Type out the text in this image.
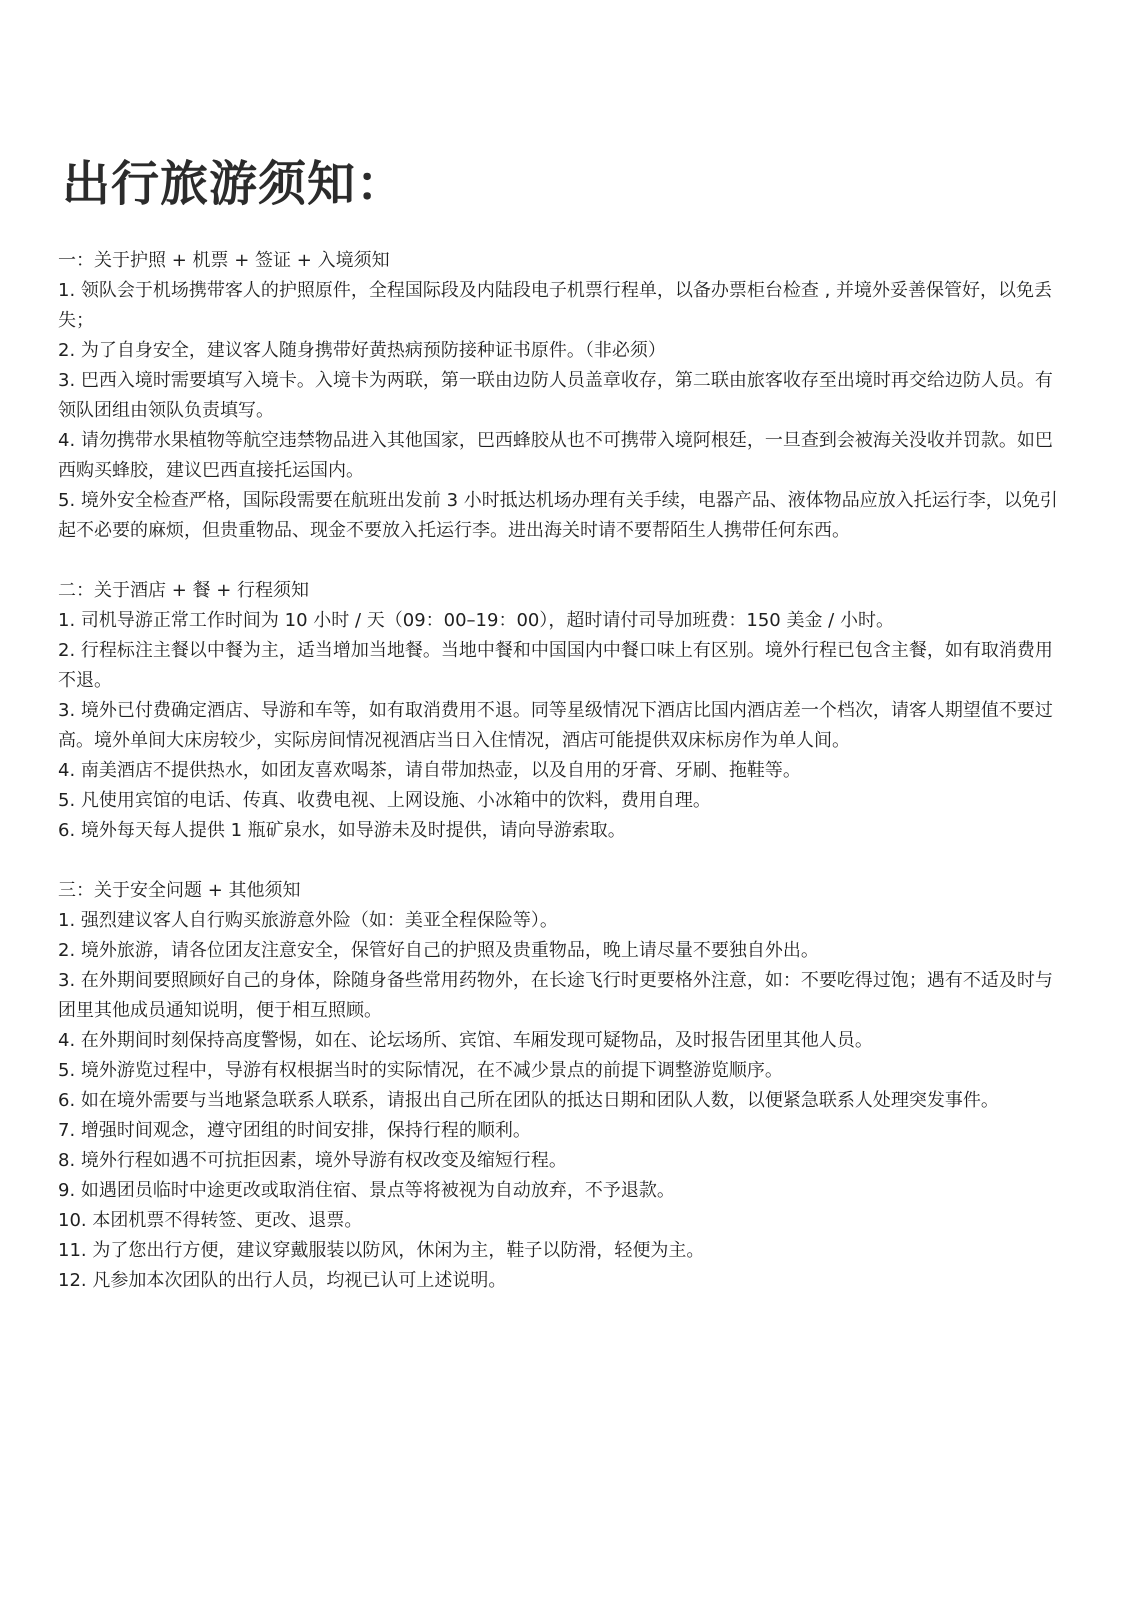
出行旅游须知：

一：关于护照 + 机票 + 签证 + 入境须知

1. 领队会于机场携带客人的护照原件，全程国际段及内陆段电子机票行程单，以备办票柜台检查 , 并境外妥善保管好，以免丢失；

2. 为了自身安全，建议客人随身携带好黄热病预防接种证书原件。（非必须）

3. 巴西入境时需要填写入境卡。入境卡为两联，第一联由边防人员盖章收存，第二联由旅客收存至出境时再交给边防人员。有领队团组由领队负责填写。

4. 请勿携带水果植物等航空违禁物品进入其他国家，巴西蜂胶从也不可携带入境阿根廷，一旦查到会被海关没收并罚款。如巴西购买蜂胶，建议巴西直接托运国内。

5. 境外安全检查严格，国际段需要在航班出发前 3 小时抵达机场办理有关手续，电器产品、液体物品应放入托运行李，以免引起不必要的麻烦，但贵重物品、现金不要放入托运行李。进出海关时请不要帮陌生人携带任何东西。

二：关于酒店 + 餐 + 行程须知

1. 司机导游正常工作时间为 10 小时 / 天（09：00–19：00），超时请付司导加班费：150 美金 / 小时。

2. 行程标注主餐以中餐为主，适当增加当地餐。当地中餐和中国国内中餐口味上有区别。境外行程已包含主餐，如有取消费用不退。

3. 境外已付费确定酒店、导游和车等，如有取消费用不退。同等星级情况下酒店比国内酒店差一个档次，请客人期望值不要过高。境外单间大床房较少，实际房间情况视酒店当日入住情况，酒店可能提供双床标房作为单人间。

4. 南美酒店不提供热水，如团友喜欢喝茶，请自带加热壶，以及自用的牙膏、牙刷、拖鞋等。

5. 凡使用宾馆的电话、传真、收费电视、上网设施、小冰箱中的饮料，费用自理。

6. 境外每天每人提供 1 瓶矿泉水，如导游未及时提供，请向导游索取。

三：关于安全问题 + 其他须知

1. 强烈建议客人自行购买旅游意外险（如：美亚全程保险等）。

2. 境外旅游，请各位团友注意安全，保管好自己的护照及贵重物品，晚上请尽量不要独自外出。

3. 在外期间要照顾好自己的身体，除随身备些常用药物外，在长途飞行时更要格外注意，如：不要吃得过饱；遇有不适及时与团里其他成员通知说明，便于相互照顾。

4. 在外期间时刻保持高度警惕，如在、论坛场所、宾馆、车厢发现可疑物品，及时报告团里其他人员。

5. 境外游览过程中，导游有权根据当时的实际情况，在不减少景点的前提下调整游览顺序。

6. 如在境外需要与当地紧急联系人联系，请报出自己所在团队的抵达日期和团队人数，以便紧急联系人处理突发事件。

7. 增强时间观念，遵守团组的时间安排，保持行程的顺利。

8. 境外行程如遇不可抗拒因素，境外导游有权改变及缩短行程。

9. 如遇团员临时中途更改或取消住宿、景点等将被视为自动放弃，不予退款。

10. 本团机票不得转签、更改、退票。

11. 为了您出行方便，建议穿戴服装以防风，休闲为主，鞋子以防滑，轻便为主。

12. 凡参加本次团队的出行人员，均视已认可上述说明。
